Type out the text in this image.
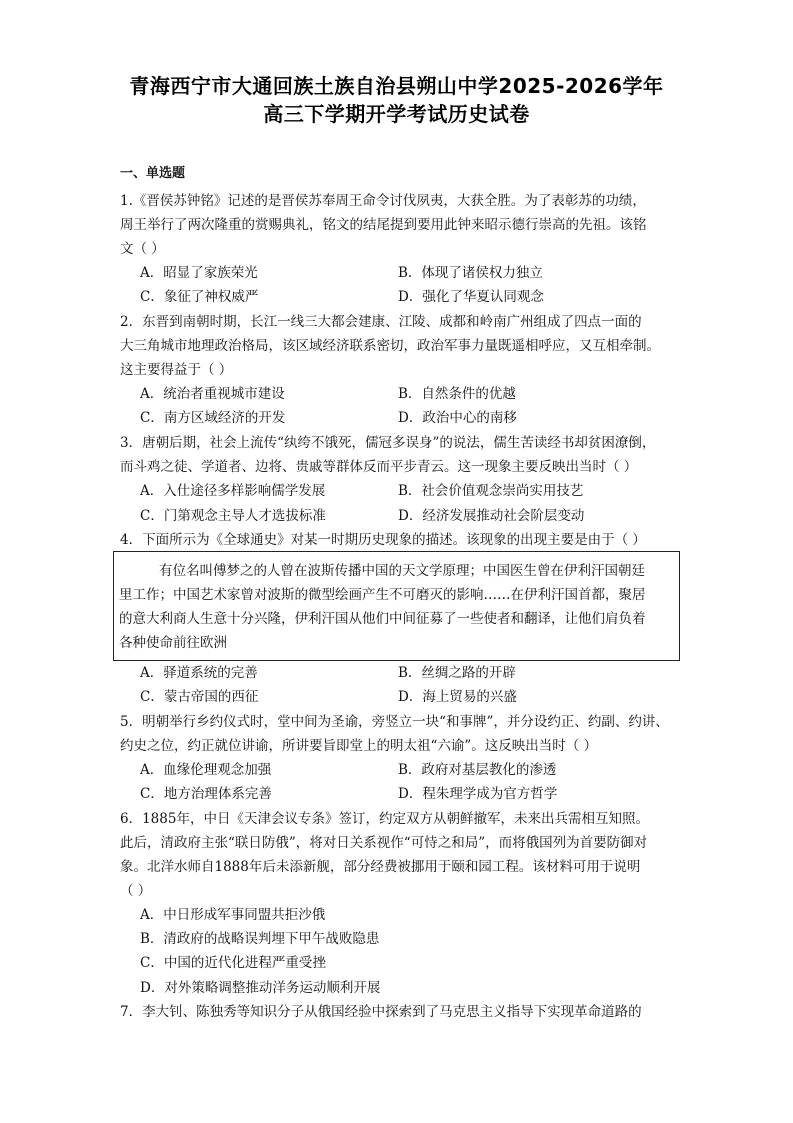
青海西宁市大通回族土族自治县朔山中学2025-2026学年
高三下学期开学考试历史试卷
一、单选题
1.《晋侯苏钟铭》记述的是晋侯苏奉周王命令讨伐夙夷，大获全胜。为了表彰苏的功绩，
周王举行了两次隆重的赏赐典礼，铭文的结尾提到要用此钟来昭示德行崇高的先祖。该铭
文（ ）
A．昭显了家族荣光	B．体现了诸侯权力独立
C．象征了神权威严	D．强化了华夏认同观念
2．东晋到南朝时期，长江一线三大都会建康、江陵、成都和岭南广州组成了四点一面的
大三角城市地理政治格局，该区域经济联系密切，政治军事力量既遥相呼应，又互相牵制。
这主要得益于（ ）
A．统治者重视城市建设	B．自然条件的优越
C．南方区域经济的开发	D．政治中心的南移
3．唐朝后期，社会上流传“纨绔不饿死，儒冠多误身”的说法，儒生苦读经书却贫困潦倒，
而斗鸡之徒、学道者、边将、贵戚等群体反而平步青云。这一现象主要反映出当时（ ）
A．入仕途径多样影响儒学发展	B．社会价值观念崇尚实用技艺
C．门第观念主导人才选拔标准	D．经济发展推动社会阶层变动
4．下面所示为《全球通史》对某一时期历史现象的描述。该现象的出现主要是由于（ ）
有位名叫傅梦之的人曾在波斯传播中国的天文学原理；中国医生曾在伊利汗国朝廷
里工作；中国艺术家曾对波斯的微型绘画产生不可磨灭的影响……在伊利汗国首都，聚居
的意大利商人生意十分兴隆，伊利汗国从他们中间征募了一些使者和翻译，让他们肩负着
各种使命前往欧洲
A．驿道系统的完善	B．丝绸之路的开辟
C．蒙古帝国的西征	D．海上贸易的兴盛
5．明朝举行乡约仪式时，堂中间为圣谕，旁竖立一块“和事牌”，并分设约正、约副、约讲、
约史之位，约正就位讲谕，所讲要旨即堂上的明太祖“六谕”。这反映出当时（ ）
A．血缘伦理观念加强	B．政府对基层教化的渗透
C．地方治理体系完善	D．程朱理学成为官方哲学
6．1885年，中日《天津会议专条》签订，约定双方从朝鲜撤军，未来出兵需相互知照。
此后，清政府主张“联日防俄”，将对日关系视作“可恃之和局”，而将俄国列为首要防御对
象。北洋水师自1888年后未添新舰，部分经费被挪用于颐和园工程。该材料可用于说明
（ ）
A．中日形成军事同盟共拒沙俄
B．清政府的战略误判埋下甲午战败隐患
C．中国的近代化进程严重受挫
D．对外策略调整推动洋务运动顺利开展
7．李大钊、陈独秀等知识分子从俄国经验中探索到了马克思主义指导下实现革命道路的
